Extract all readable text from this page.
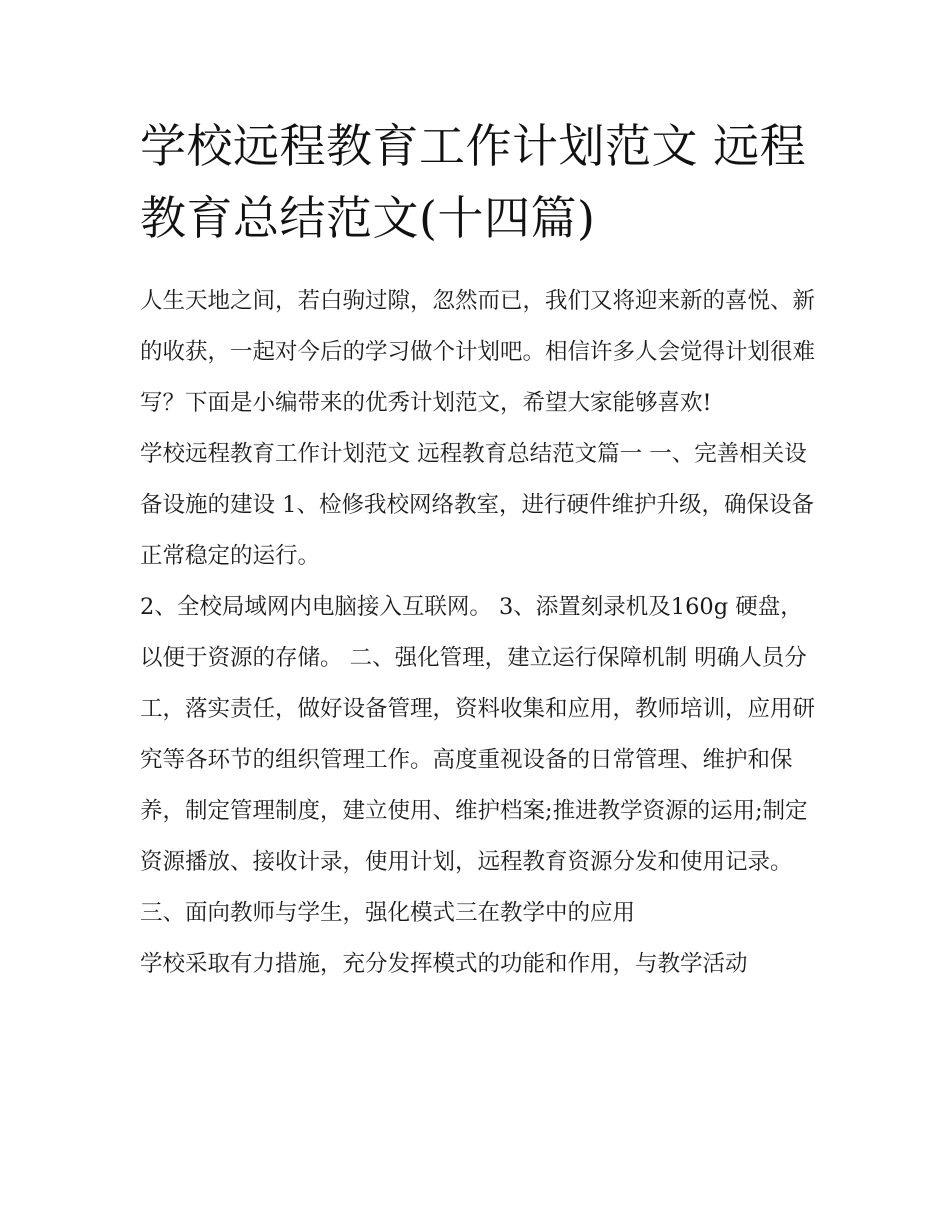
学校远程教育工作计划范文 远程教育总结范文(十四篇)

人生天地之间，若白驹过隙，忽然而已，我们又将迎来新的喜悦、新的收获，一起对今后的学习做个计划吧。相信许多人会觉得计划很难写？下面是小编带来的优秀计划范文，希望大家能够喜欢!

学校远程教育工作计划范文 远程教育总结范文篇一 一、完善相关设备设施的建设 1、检修我校网络教室，进行硬件维护升级，确保设备正常稳定的运行。

2、全校局域网内电脑接入互联网。 3、添置刻录机及160g 硬盘，以便于资源的存储。 二、强化管理，建立运行保障机制 明确人员分工，落实责任，做好设备管理，资料收集和应用，教师培训，应用研究等各环节的组织管理工作。高度重视设备的日常管理、维护和保养，制定管理制度，建立使用、维护档案;推进教学资源的运用;制定资源播放、接收计录，使用计划，远程教育资源分发和使用记录。

三、面向教师与学生，强化模式三在教学中的应用

学校采取有力措施，充分发挥模式的功能和作用，与教学活动
